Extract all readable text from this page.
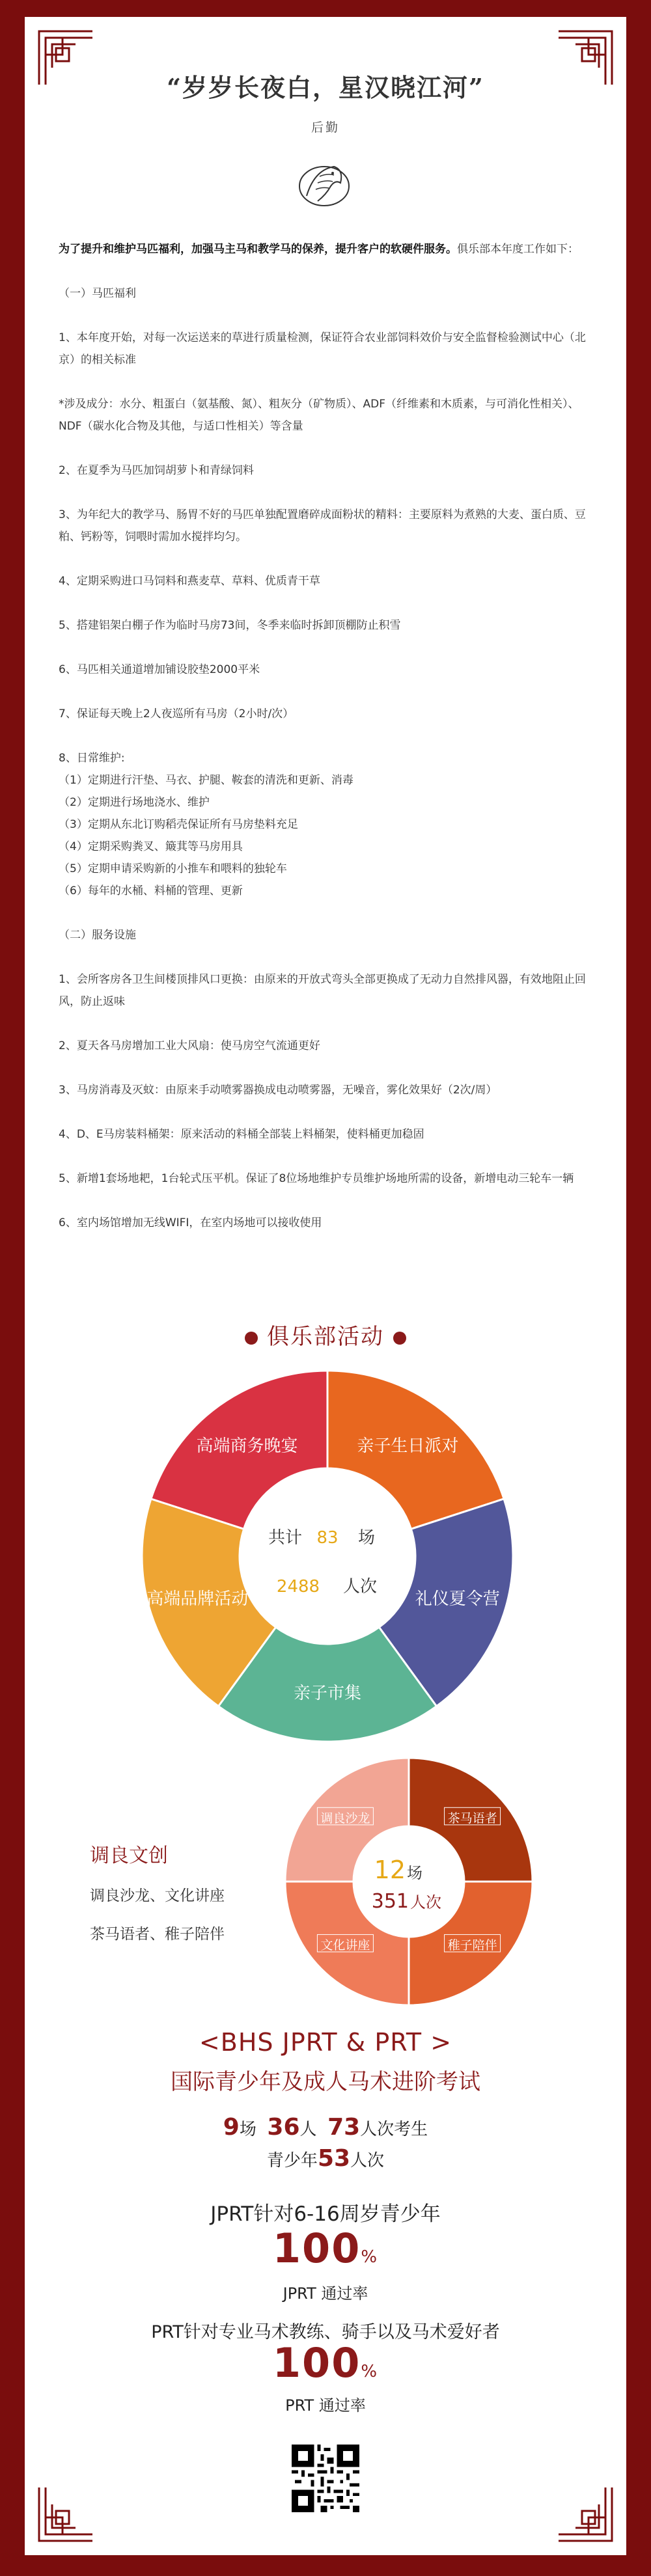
“岁岁长夜白，星汉晓江河”
后勤

为了提升和维护马匹福利，加强马主马和教学马的保养，提升客户的软硬件服务。俱乐部本年度工作如下：

（一）马匹福利

1、本年度开始，对每一次运送来的草进行质量检测，保证符合农业部饲料效价与安全监督检验测试中心（北京）的相关标准

*涉及成分：水分、粗蛋白（氨基酸、氮）、粗灰分（矿物质）、ADF（纤维素和木质素，与可消化性相关）、NDF（碳水化合物及其他，与适口性相关）等含量

2、在夏季为马匹加饲胡萝卜和青绿饲料

3、为年纪大的教学马、肠胃不好的马匹单独配置磨碎成面粉状的精料：主要原料为煮熟的大麦、蛋白质、豆粕、钙粉等，饲喂时需加水搅拌均匀。

4、定期采购进口马饲料和燕麦草、草料、优质青干草

5、搭建铝架白棚子作为临时马房73间，冬季来临时拆卸顶棚防止积雪

6、马匹相关通道增加铺设胶垫2000平米

7、保证每天晚上2人夜巡所有马房（2小时/次）

8、日常维护:

（1）定期进行汗垫、马衣、护腿、鞍套的清洗和更新、消毒

（2）定期进行场地浇水、维护

（3）定期从东北订购稻壳保证所有马房垫料充足

（4）定期采购粪叉、簸萁等马房用具

（5）定期申请采购新的小推车和喂料的独轮车

（6）每年的水桶、料桶的管理、更新

（二）服务设施

1、会所客房各卫生间楼顶排风口更换：由原来的开放式弯头全部更换成了无动力自然排风器，有效地阻止回风，防止返味

2、夏天各马房增加工业大风扇：使马房空气流通更好

3、马房消毒及灭蚊：由原来手动喷雾器换成电动喷雾器，无噪音，雾化效果好（2次/周）

4、D、E马房装料桶架：原来活动的料桶全部装上料桶架，使料桶更加稳固

5、新增1套场地耙，1台轮式压平机。保证了8位场地维护专员维护场地所需的设备，新增电动三轮车一辆

6、室内场馆增加无线WIFI，在室内场地可以接收使用

俱乐部活动
亲子生日派对
礼仪夏令营
亲子市集
高端品牌活动
高端商务晚宴
共计 83 场
2488 人次
调良文创
调良沙龙、文化讲座
茶马语者、稚子陪伴
茶马语者
稚子陪伴
文化讲座
调良沙龙
12 场
351 人次
<BHS JPRT & PRT >
国际青少年及成人马术进阶考试
9场 36人 73人次考生
青少年53人次
JPRT针对6-16周岁青少年
100%
JPRT 通过率
PRT针对专业马术教练、骑手以及马术爱好者
100%
PRT 通过率
